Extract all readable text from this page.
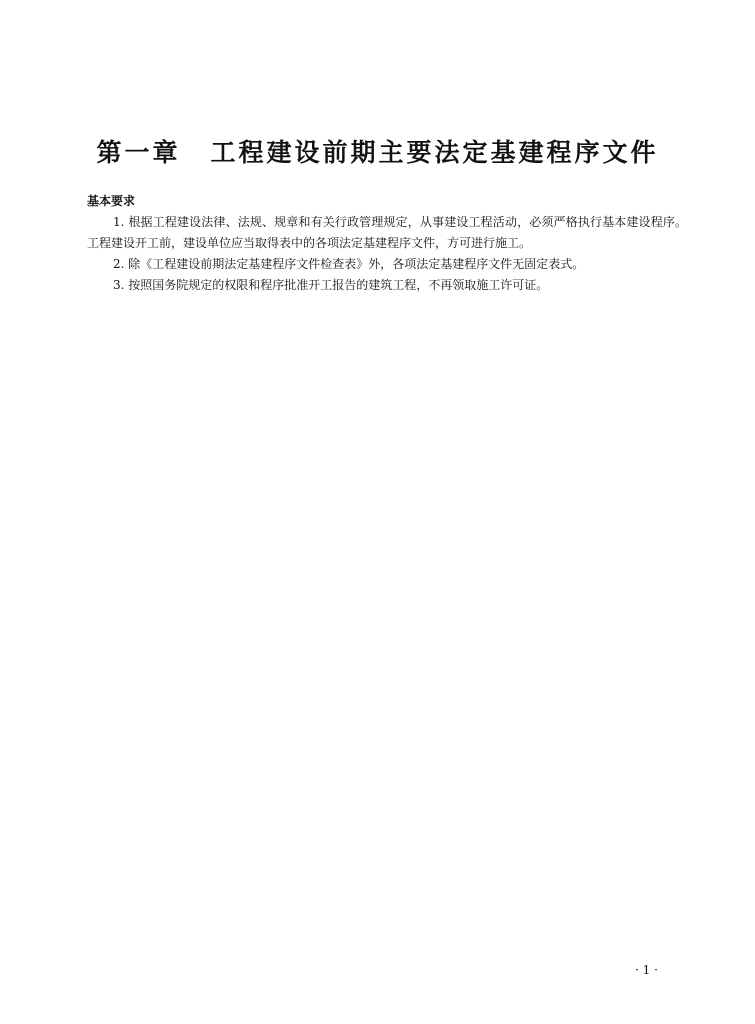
第一章 工程建设前期主要法定基建程序文件
基本要求

1. 根据工程建设法律、法规、规章和有关行政管理规定，从事建设工程活动，必须严格执行基本建设程序。工程建设开工前，建设单位应当取得表中的各项法定基建程序文件，方可进行施工。

2. 除《工程建设前期法定基建程序文件检查表》外，各项法定基建程序文件无固定表式。

3. 按照国务院规定的权限和程序批准开工报告的建筑工程，不再领取施工许可证。

· 1 ·
